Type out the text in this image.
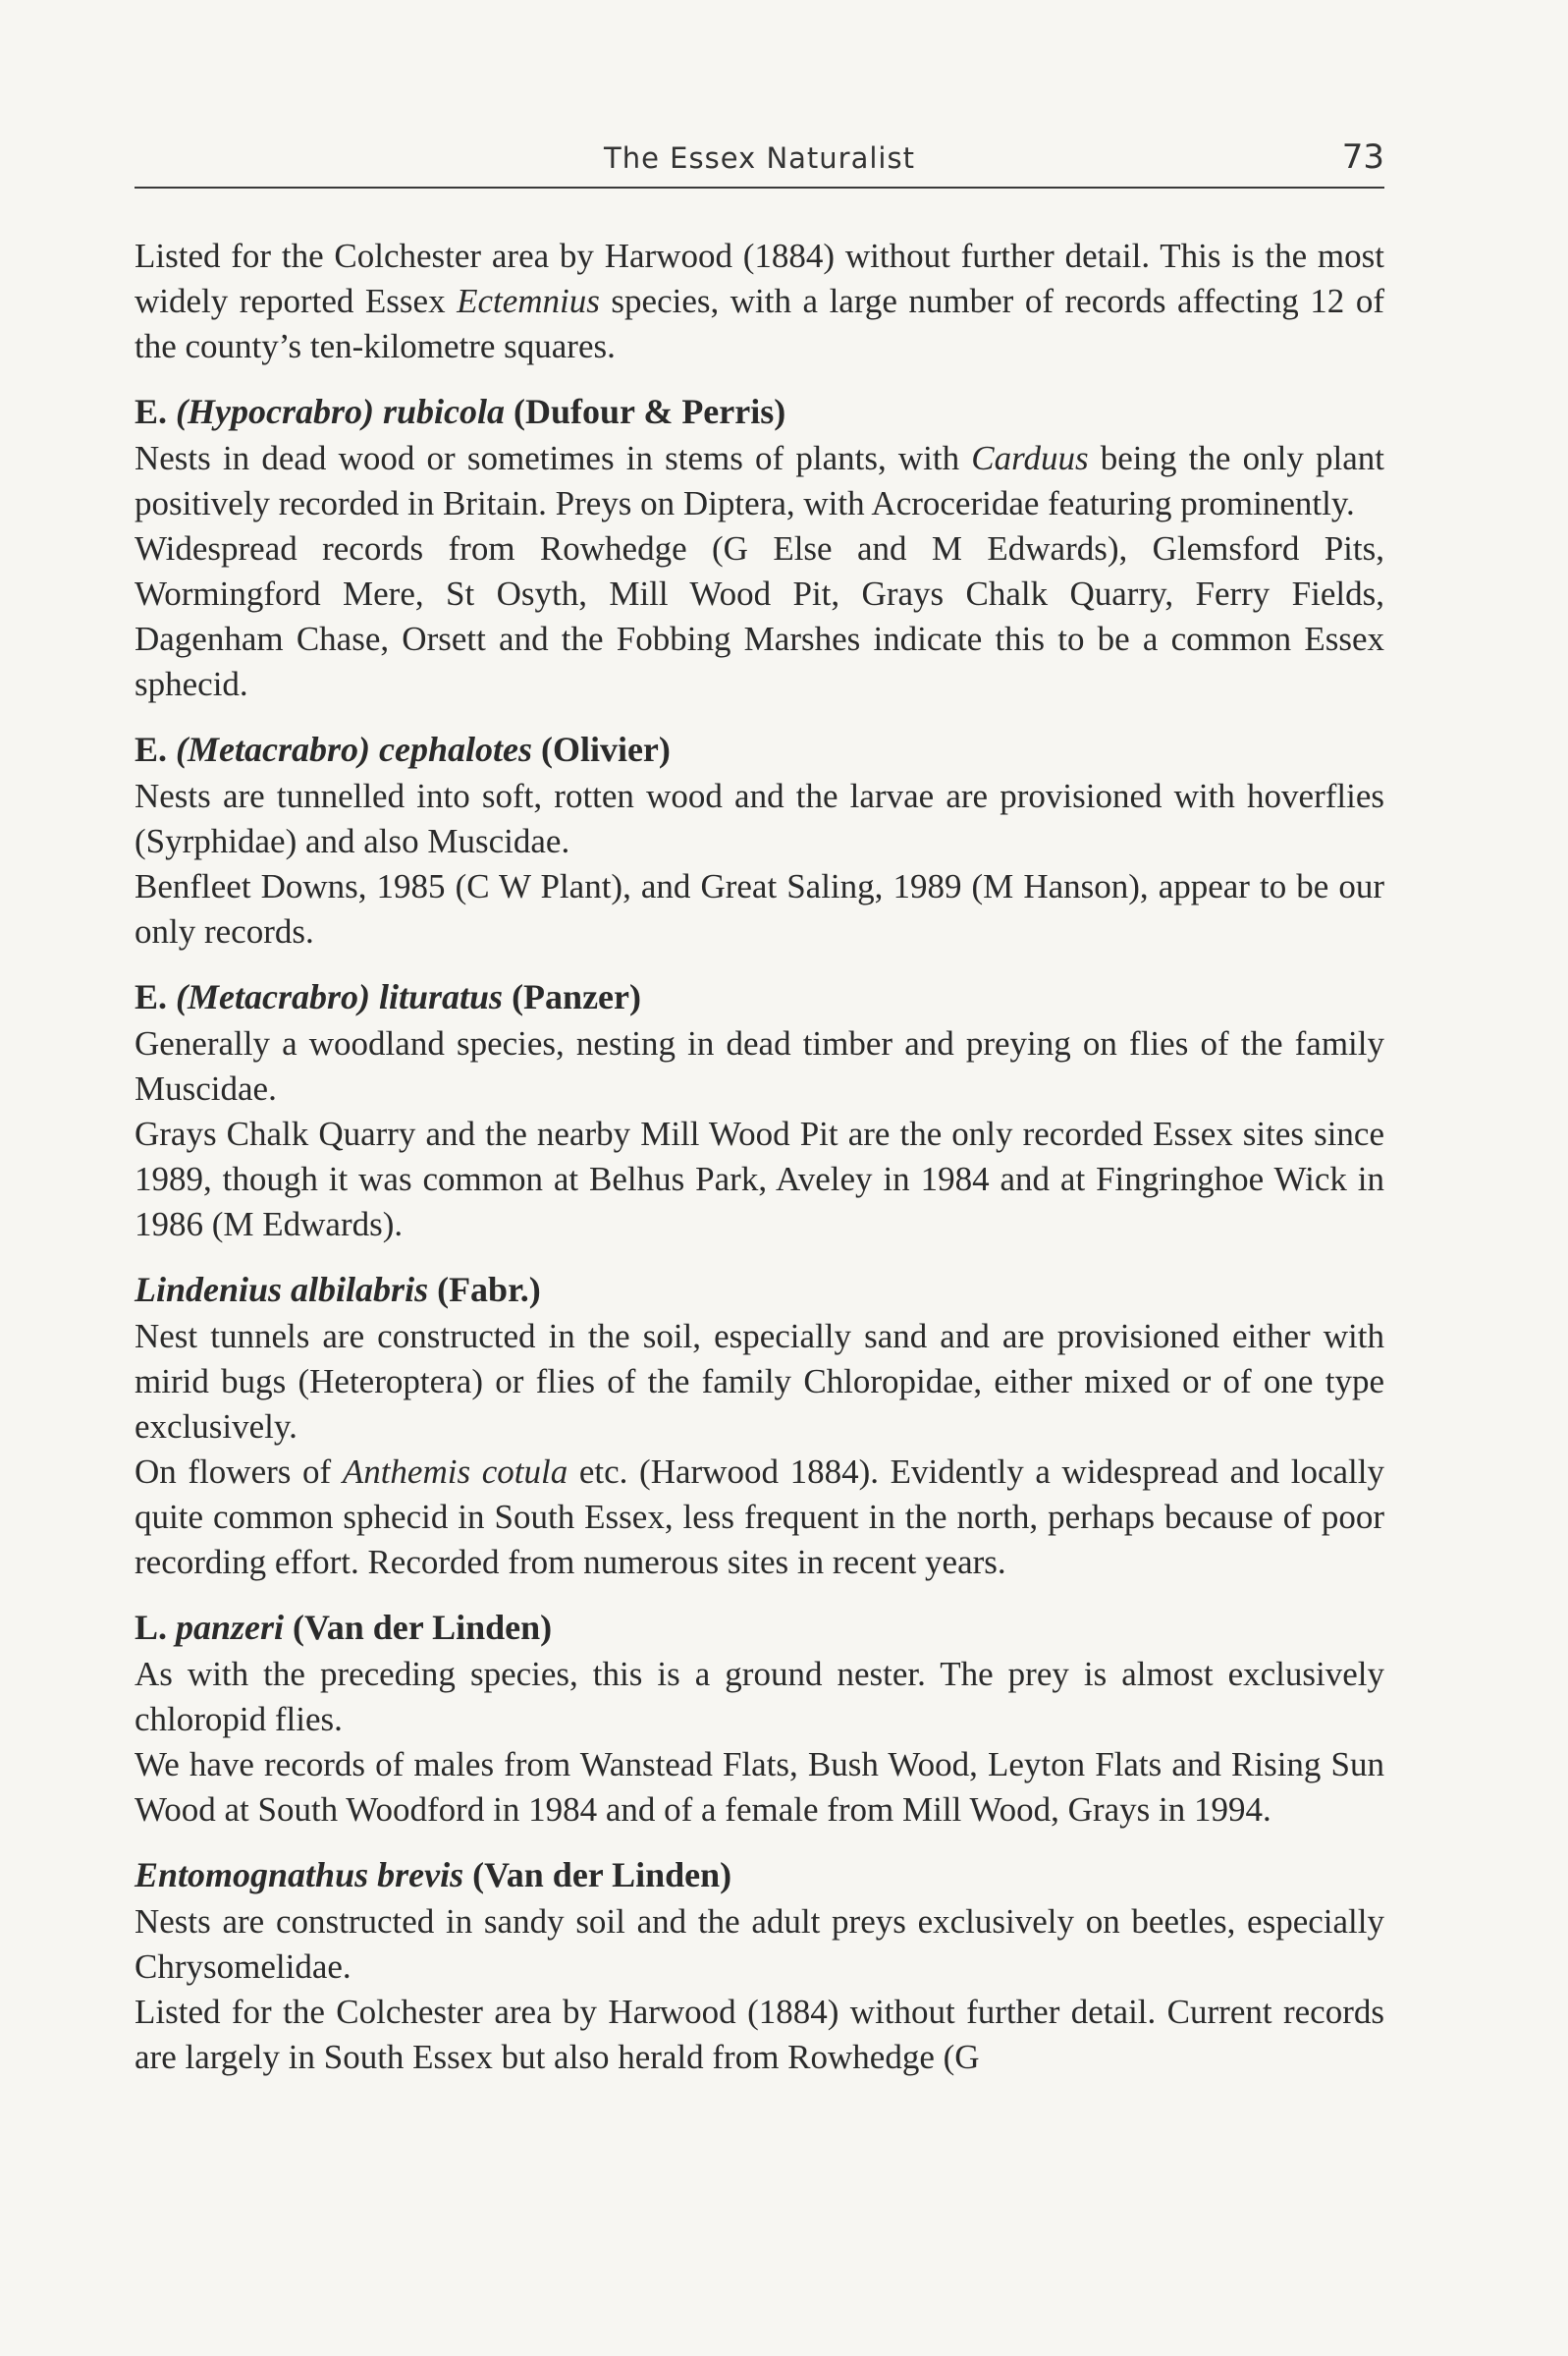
The Essex Naturalist	73

Listed for the Colchester area by Harwood (1884) without further detail. This is the most widely reported Essex Ectemnius species, with a large number of records affecting 12 of the county’s ten-kilometre squares.

E. (Hypocrabro) rubicola (Dufour & Perris)

Nests in dead wood or sometimes in stems of plants, with Carduus being the only plant positively recorded in Britain. Preys on Diptera, with Acroceridae featuring prominently.

Widespread records from Rowhedge (G Else and M Edwards), Glemsford Pits, Wormingford Mere, St Osyth, Mill Wood Pit, Grays Chalk Quarry, Ferry Fields, Dagenham Chase, Orsett and the Fobbing Marshes indicate this to be a common Essex sphecid.

E. (Metacrabro) cephalotes (Olivier)

Nests are tunnelled into soft, rotten wood and the larvae are provisioned with hoverflies (Syrphidae) and also Muscidae.

Benfleet Downs, 1985 (C W Plant), and Great Saling, 1989 (M Hanson), appear to be our only records.

E. (Metacrabro) lituratus (Panzer)

Generally a woodland species, nesting in dead timber and preying on flies of the family Muscidae.

Grays Chalk Quarry and the nearby Mill Wood Pit are the only recorded Essex sites since 1989, though it was common at Belhus Park, Aveley in 1984 and at Fingringhoe Wick in 1986 (M Edwards).

Lindenius albilabris (Fabr.)

Nest tunnels are constructed in the soil, especially sand and are provisioned either with mirid bugs (Heteroptera) or flies of the family Chloropidae, either mixed or of one type exclusively.

On flowers of Anthemis cotula etc. (Harwood 1884). Evidently a widespread and locally quite common sphecid in South Essex, less frequent in the north, perhaps because of poor recording effort. Recorded from numerous sites in recent years.

L. panzeri (Van der Linden)

As with the preceding species, this is a ground nester. The prey is almost exclusively chloropid flies.

We have records of males from Wanstead Flats, Bush Wood, Leyton Flats and Rising Sun Wood at South Woodford in 1984 and of a female from Mill Wood, Grays in 1994.

Entomognathus brevis (Van der Linden)

Nests are constructed in sandy soil and the adult preys exclusively on beetles, especially Chrysomelidae.

Listed for the Colchester area by Harwood (1884) without further detail. Current records are largely in South Essex but also herald from Rowhedge (G
